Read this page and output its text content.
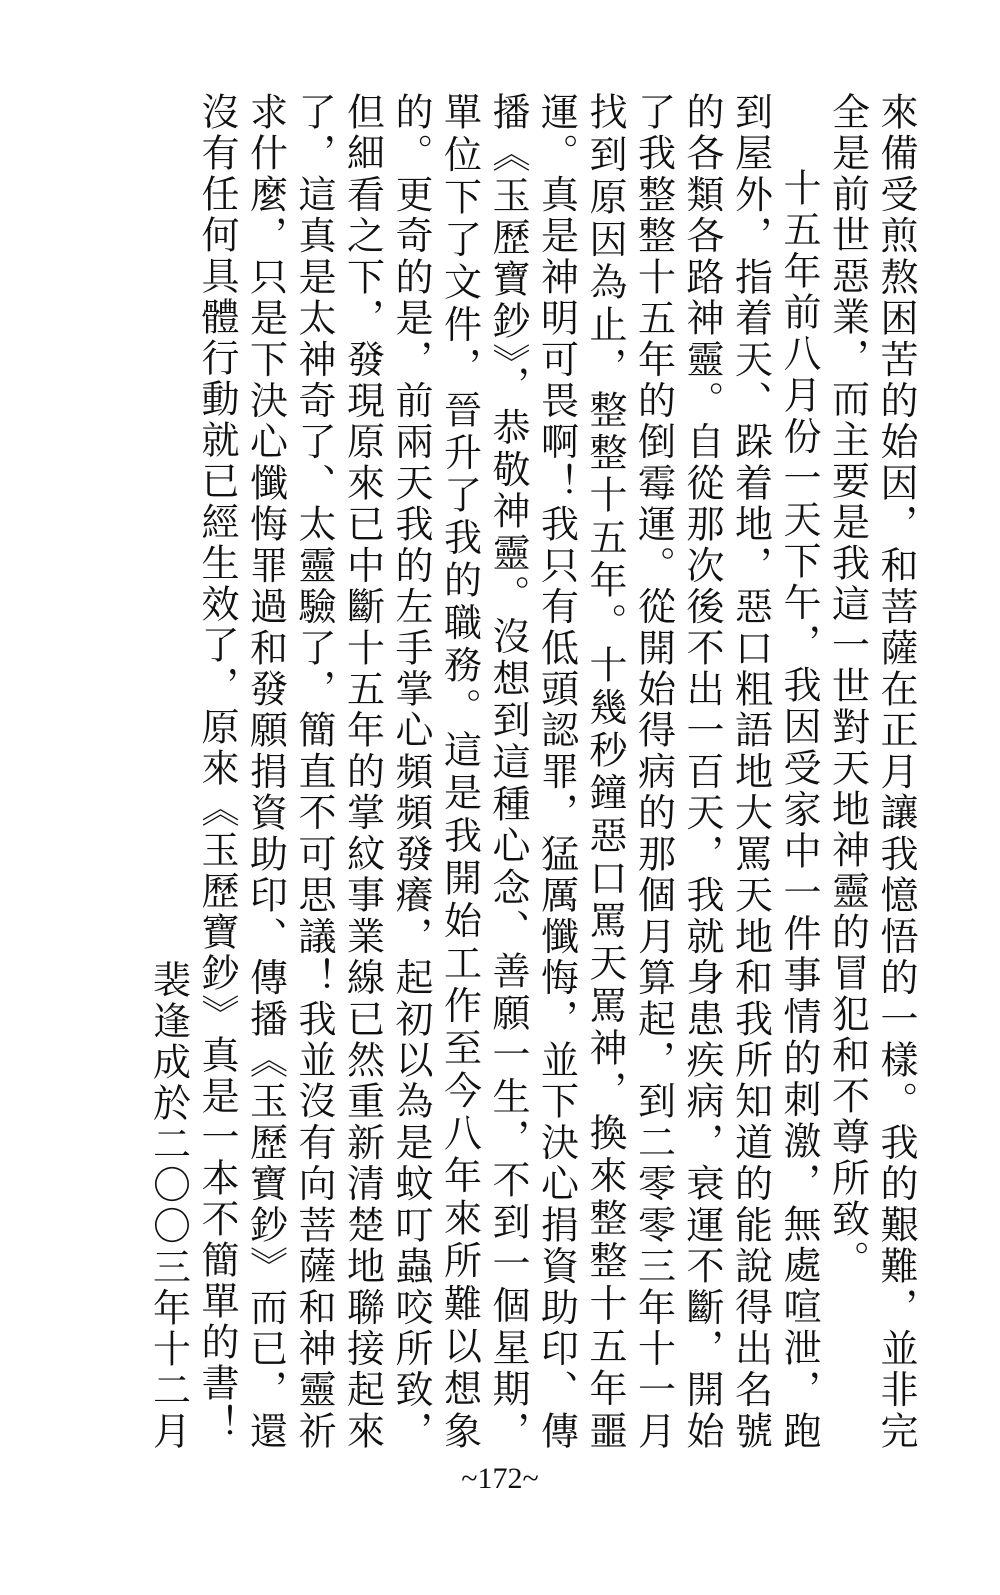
來備受煎熬困苦的始因，和菩薩在正月讓我憶悟的一樣。我的艱難，並非完全是前世惡業，而主要是我這一世對天地神靈的冒犯和不尊所致。

十五年前八月份一天下午，我因受家中一件事情的刺激，無處喧泄，跑到屋外，指着天、跺着地，惡口粗語地大罵天地和我所知道的能說得出名號的各類各路神靈。自從那次後不出一百天，我就身患疾病，衰運不斷，開始了我整整十五年的倒霉運。從開始得病的那個月算起，到二零零三年十一月找到原因為止，整整十五年。十幾秒鐘惡口罵天罵神，換來整整十五年噩運。真是神明可畏啊！我只有低頭認罪，猛厲懺悔，並下決心捐資助印、傳播《玉歷寶鈔》，恭敬神靈。沒想到這種心念、善願一生，不到一個星期，單位下了文件，晉升了我的職務。這是我開始工作至今八年來所難以想象的。更奇的是，前兩天我的左手掌心頻頻發癢，起初以為是蚊叮蟲咬所致，但細看之下，發現原來已中斷十五年的掌紋事業線已然重新清楚地聯接起來了，這真是太神奇了、太靈驗了，簡直不可思議！我並沒有向菩薩和神靈祈求什麼，只是下決心懺悔罪過和發願捐資助印、傳播《玉歷寶鈔》而已，還沒有任何具體行動就已經生效了，原來《玉歷寶鈔》真是一本不簡單的書！

裴逢成於二〇〇三年十二月

~172~
